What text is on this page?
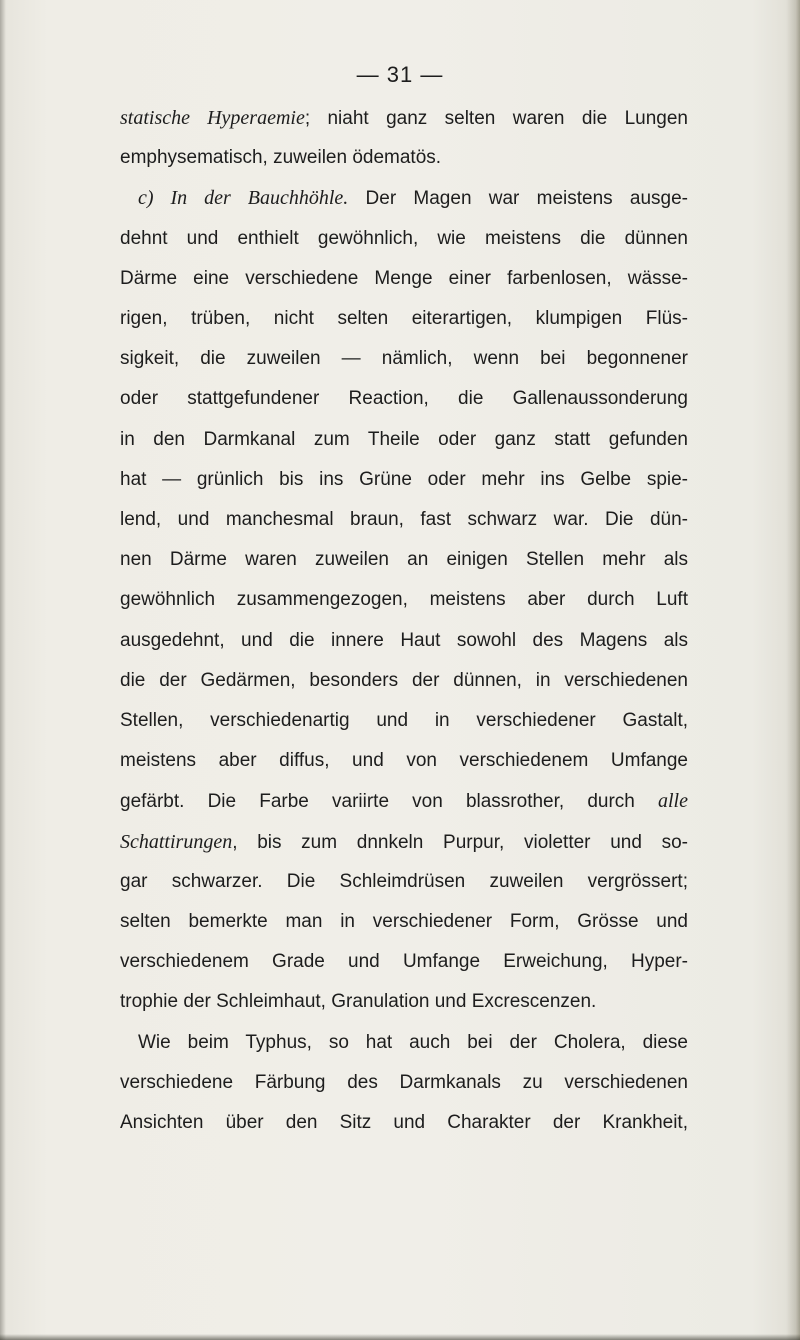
— 31 —
statische Hyperaemie; niaht ganz selten waren die Lungen
emphysematisch, zuweilen ödematös.
c) In der Bauchhöhle. Der Magen war meistens ausge-
dehnt und enthielt gewöhnlich, wie meistens die dünnen
Därme eine verschiedene Menge einer farbenlosen, wässe-
rigen, trüben, nicht selten eiterartigen, klumpigen Flüs-
sigkeit, die zuweilen — nämlich, wenn bei begonnener
oder stattgefundener Reaction, die Gallenaussonderung
in den Darmkanal zum Theile oder ganz statt gefunden
hat — grünlich bis ins Grüne oder mehr ins Gelbe spie-
lend, und manchesmal braun, fast schwarz war. Die dün-
nen Därme waren zuweilen an einigen Stellen mehr als
gewöhnlich zusammengezogen, meistens aber durch Luft
ausgedehnt, und die innere Haut sowohl des Magens als
die der Gedärmen, besonders der dünnen, in verschiedenen
Stellen, verschiedenartig und in verschiedener Gastalt,
meistens aber diffus, und von verschiedenem Umfange
gefärbt. Die Farbe variirte von blassrother, durch alle
Schattirungen, bis zum dnnkeln Purpur, violetter und so-
gar schwarzer. Die Schleimdrüsen zuweilen vergrössert;
selten bemerkte man in verschiedener Form, Grösse und
verschiedenem Grade und Umfange Erweichung, Hyper-
trophie der Schleimhaut, Granulation und Excrescenzen.
Wie beim Typhus, so hat auch bei der Cholera, diese
verschiedene Färbung des Darmkanals zu verschiedenen
Ansichten über den Sitz und Charakter der Krankheit,
